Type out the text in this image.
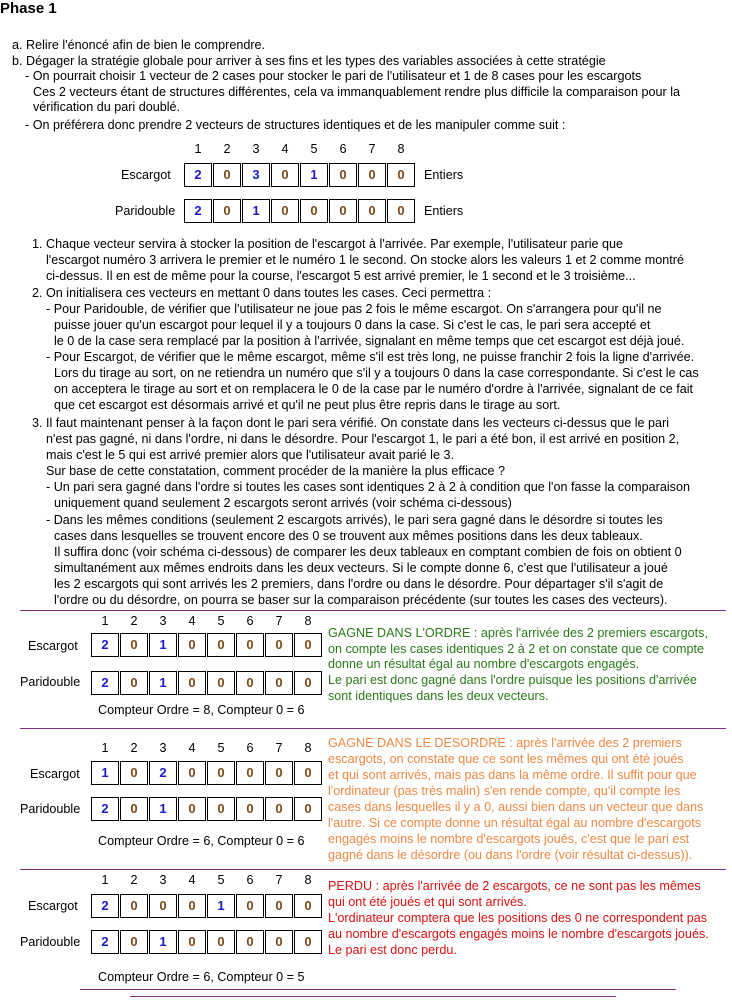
Phase 1
a. Relire l'énoncé afin de bien le comprendre.
b. Dégager la stratégie globale pour arriver à ses fins et les types des variables associées à cette stratégie
- On pourrait choisir 1 vecteur de 2 cases pour stocker le pari de l'utilisateur et 1 de 8 cases pour les escargots
Ces 2 vecteurs étant de structures différentes, cela va immanquablement rendre plus difficile la comparaison pour la
vérification du pari doublé.
- On préférera donc prendre 2 vecteurs de structures identiques et de les manipuler comme suit :
1	2	3	4	5	6	7	8
Escargot	2	0	3	0	1	0	0	0	Entiers
Paridouble	2	0	1	0	0	0	0	0	Entiers
1. Chaque vecteur servira à stocker la position de l'escargot à l'arrivée. Par exemple, l'utilisateur parie que
l'escargot numéro 3 arrivera le premier et le numéro 1 le second. On stocke alors les valeurs 1 et 2 comme montré
ci-dessus. Il en est de même pour la course, l'escargot 5 est arrivé premier, le 1 second et le 3 troisième...
2. On initialisera ces vecteurs en mettant 0 dans toutes les cases. Ceci permettra :
- Pour Paridouble, de vérifier que l'utilisateur ne joue pas 2 fois le même escargot. On s'arrangera pour qu'il ne
puisse jouer qu'un escargot pour lequel il y a toujours 0 dans la case. Si c'est le cas, le pari sera accepté et
le 0 de la case sera remplacé par la position à l'arrivée, signalant en même temps que cet escargot est déjà joué.
- Pour Escargot, de vérifier que le même escargot, même s'il est très long, ne puisse franchir 2 fois la ligne d'arrivée.
Lors du tirage au sort, on ne retiendra un numéro que s'il y a toujours 0 dans la case correspondante. Si c'est le cas
on acceptera le tirage au sort et on remplacera le 0 de la case par le numéro d'ordre à l'arrivée, signalant de ce fait
que cet escargot est désormais arrivé et qu'il ne peut plus être repris dans le tirage au sort.
3. Il faut maintenant penser à la façon dont le pari sera vérifié. On constate dans les vecteurs ci-dessus que le pari
n'est pas gagné, ni dans l'ordre, ni dans le désordre. Pour l'escargot 1, le pari a été bon, il est arrivé en position 2,
mais c'est le 5 qui est arrivé premier alors que l'utilisateur avait parié le 3.
Sur base de cette constatation, comment procéder de la manière la plus efficace ?
- Un pari sera gagné dans l'ordre si toutes les cases sont identiques 2 à 2 à condition que l'on fasse la comparaison
uniquement quand seulement 2 escargots seront arrivés (voir schéma ci-dessous)
- Dans les mêmes conditions (seulement 2 escargots arrivés), le pari sera gagné dans le désordre si toutes les
cases dans lesquelles se trouvent encore des 0 se trouvent aux mêmes positions dans les deux tableaux.
Il suffira donc (voir schéma ci-dessous) de comparer les deux tableaux en comptant combien de fois on obtient 0
simultanément aux mêmes endroits dans les deux vecteurs. Si le compte donne 6, c'est que l'utilisateur a joué
les 2 escargots qui sont arrivés les 2 premiers, dans l'ordre ou dans le désordre. Pour départager s'il s'agit de
l'ordre ou du désordre, on pourra se baser sur la comparaison précédente (sur toutes les cases des vecteurs).
1	2	3	4	5	6	7	8
Escargot	2	0	1	0	0	0	0	0
Paridouble	2	0	1	0	0	0	0	0
Compteur Ordre = 8, Compteur 0 = 6
GAGNE DANS L'ORDRE : après l'arrivée des 2 premiers escargots,
on compte les cases identiques 2 à 2 et on constate que ce compte
donne un résultat égal au nombre d'escargots engagés.
Le pari est donc gagné dans l'ordre puisque les positions d'arrivée
sont identiques dans les deux vecteurs.
1	2	3	4	5	6	7	8
Escargot	1	0	2	0	0	0	0	0
Paridouble	2	0	1	0	0	0	0	0
Compteur Ordre = 6, Compteur 0 = 6
GAGNE DANS LE DESORDRE : après l'arrivée des 2 premiers
escargots, on constate que ce sont les mêmes qui ont été joués
et qui sont arrivés, mais pas dans la même ordre. Il suffit pour que
l'ordinateur (pas très malin) s'en rende compte, qu'il compte les
cases dans lesquelles il y a 0, aussi bien dans un vecteur que dans
l'autre. Si ce compte donne un résultat égal au nombre d'escargots
engagés moins le nombre d'escargots joués, c'est que le pari est
gagné dans le désordre (ou dans l'ordre (voir résultat ci-dessus)).
1	2	3	4	5	6	7	8
Escargot	2	0	0	0	1	0	0	0
Paridouble	2	0	1	0	0	0	0	0
Compteur Ordre = 6, Compteur 0 = 5
PERDU : après l'arrivée de 2 escargots, ce ne sont pas les mêmes
qui ont été joués et qui sont arrivés.
L'ordinateur comptera que les positions des 0 ne correspondent pas
au nombre d'escargots engagés moins le nombre d'escargots joués.
Le pari est donc perdu.
